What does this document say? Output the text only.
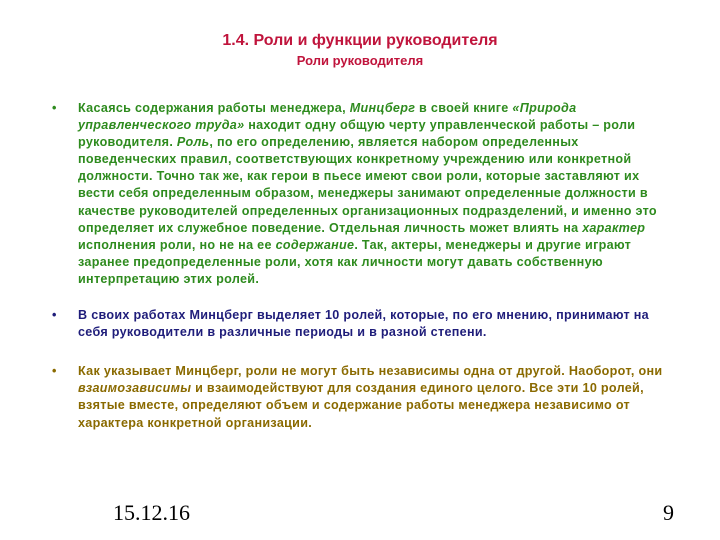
1.4. Роли и функции руководителя
Роли руководителя
• Касаясь содержания работы менеджера, Минцберг в своей книге «Природа управленческого труда» находит одну общую черту управленческой работы – роли руководителя. Роль, по его определению, является набором определенных поведенческих правил, соответствующих конкретному учреждению или конкретной должности. Точно так же, как герои в пьесе имеют свои роли, которые заставляют их вести себя определенным образом, менеджеры занимают определенные должности в качестве руководителей определенных организационных подразделений, и именно это определяет их служебное поведение. Отдельная личность может влиять на характер исполнения роли, но не на ее содержание. Так, актеры, менеджеры и другие играют заранее предопределенные роли, хотя как личности могут давать собственную интерпретацию этих ролей.
• В своих работах Минцберг выделяет 10 ролей, которые, по его мнению, принимают на себя руководители в различные периоды и в разной степени.
• Как указывает Минцберг, роли не могут быть независимы одна от другой. Наоборот, они взаимозависимы и взаимодействуют для создания единого целого. Все эти 10 ролей, взятые вместе, определяют объем и содержание работы менеджера независимо от характера конкретной организации.
15.12.16	9
